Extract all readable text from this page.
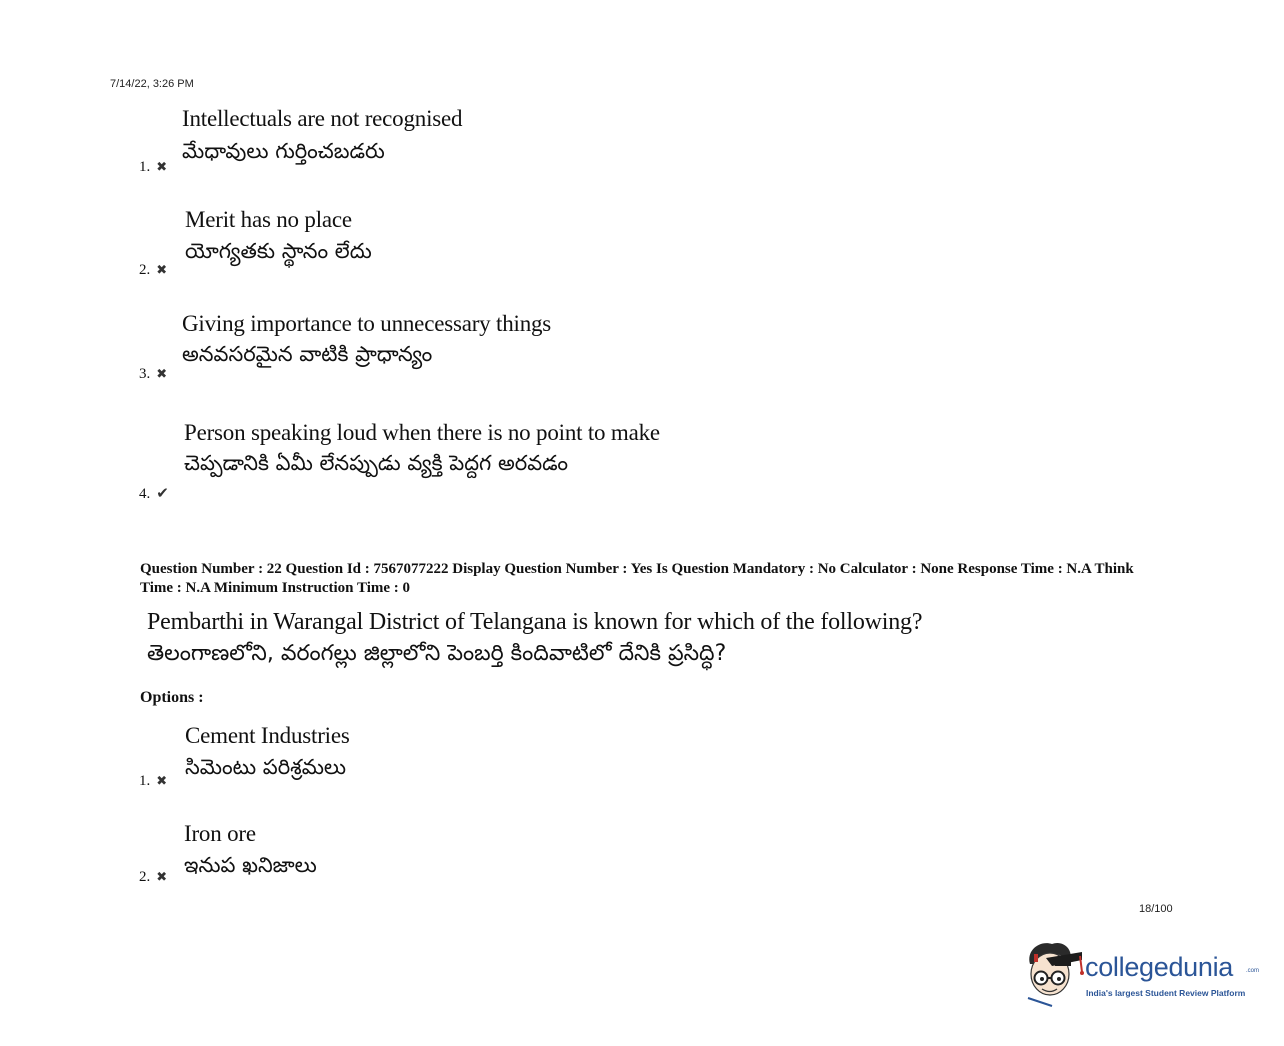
7/14/22, 3:26 PM
Intellectuals are not recognised
మేధావులు గుర్తించబడరు
1. ✖
Merit has no place
యోగ్యతకు స్థానం లేదు
2. ✖
Giving importance to unnecessary things
అనవసరమైన వాటికి ప్రాధాన్యం
3. ✖
Person speaking loud when there is no point to make
చెప్పడానికి ఏమీ లేనప్పుడు వ్యక్తి పెద్దగ అరవడం
4. ✔
Question Number : 22 Question Id : 7567077222 Display Question Number : Yes Is Question Mandatory : No Calculator : None Response Time : N.A Think Time : N.A Minimum Instruction Time : 0
Pembarthi in Warangal District of Telangana is known for which of the following?
తెలంగాణలోని, వరంగల్లు జిల్లాలోని పెంబర్తి కిందివాటిలో దేనికి ప్రసిద్ధి?
Options :
Cement Industries
సిమెంటు పరిశ్రమలు
1. ✖
Iron ore
ఇనుప ఖనిజాలు
2. ✖
18/100
collegedunia .com
India's largest Student Review Platform
